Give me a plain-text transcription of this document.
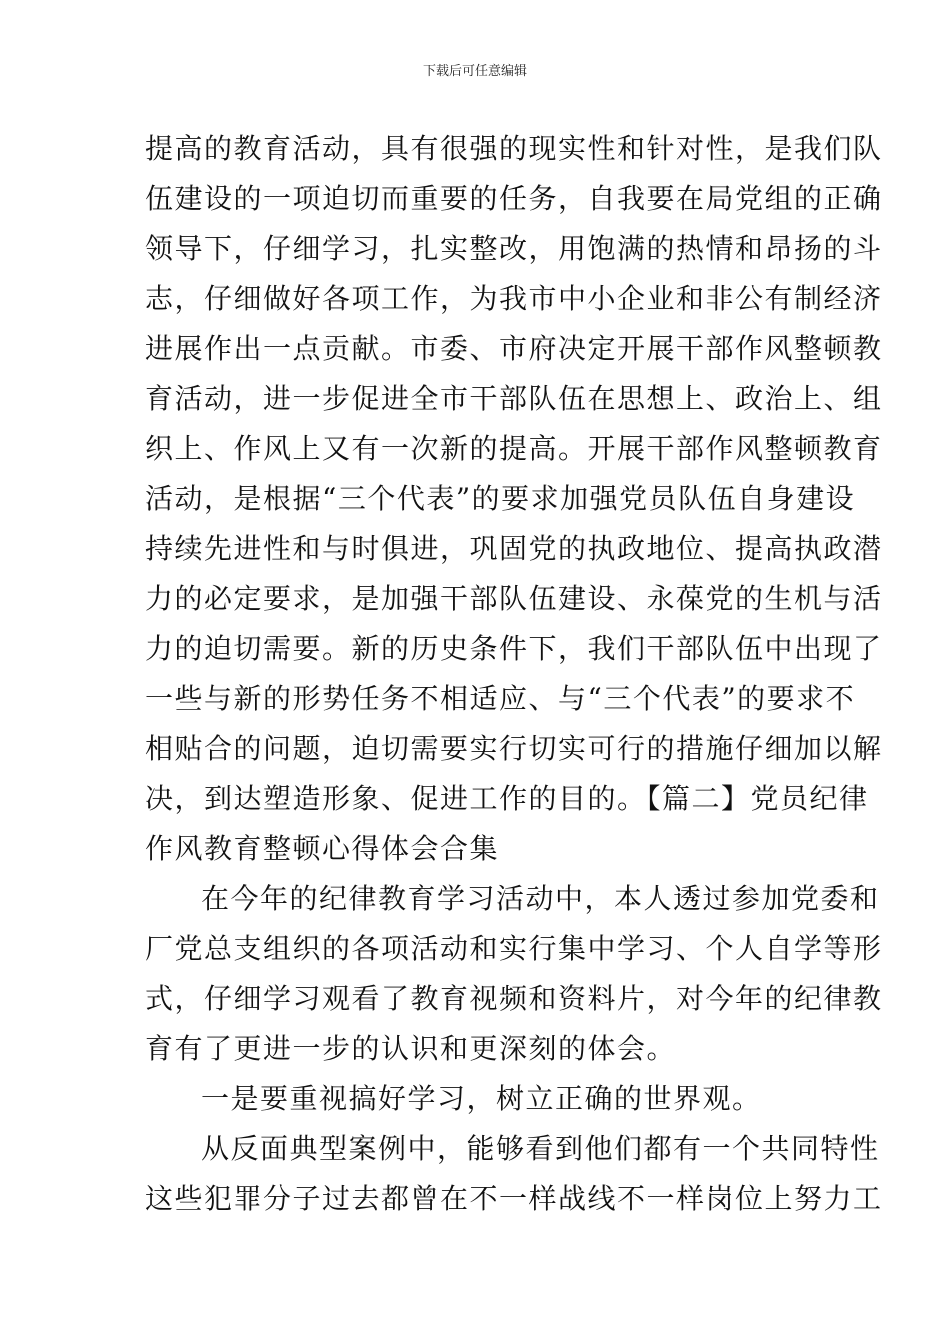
下载后可任意编辑
提高的教育活动，具有很强的现实性和针对性，是我们队
伍建设的一项迫切而重要的任务，自我要在局党组的正确
领导下，仔细学习，扎实整改，用饱满的热情和昂扬的斗
志，仔细做好各项工作，为我市中小企业和非公有制经济
进展作出一点贡献。市委、市府决定开展干部作风整顿教
育活动，进一步促进全市干部队伍在思想上、政治上、组
织上、作风上又有一次新的提高。开展干部作风整顿教育
活动，是根据“三个代表”的要求加强党员队伍自身建设
持续先进性和与时俱进，巩固党的执政地位、提高执政潜
力的必定要求，是加强干部队伍建设、永葆党的生机与活
力的迫切需要。新的历史条件下，我们干部队伍中出现了
一些与新的形势任务不相适应、与“三个代表”的要求不
相贴合的问题，迫切需要实行切实可行的措施仔细加以解
决，到达塑造形象、促进工作的目的。【篇二】党员纪律
作风教育整顿心得体会合集
在今年的纪律教育学习活动中，本人透过参加党委和
厂党总支组织的各项活动和实行集中学习、个人自学等形
式，仔细学习观看了教育视频和资料片，对今年的纪律教
育有了更进一步的认识和更深刻的体会。
一是要重视搞好学习，树立正确的世界观。
从反面典型案例中，能够看到他们都有一个共同特性
这些犯罪分子过去都曾在不一样战线不一样岗位上努力工
